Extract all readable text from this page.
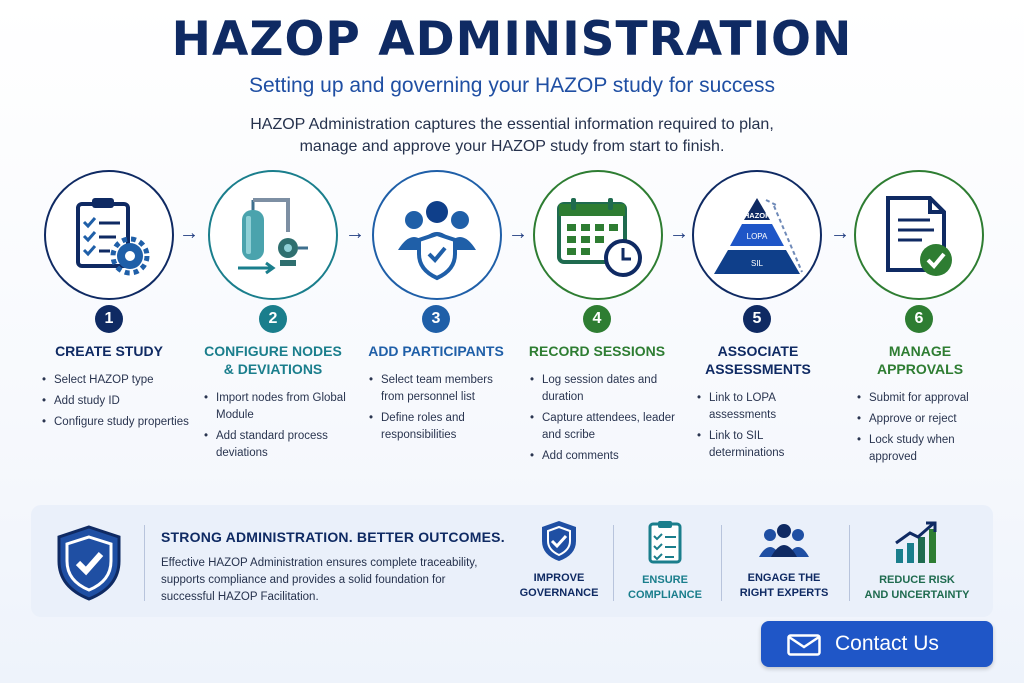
HAZOP ADMINISTRATION
Setting up and governing your HAZOP study for success
HAZOP Administration captures the essential information required to plan,
manage and approve your HAZOP study from start to finish.
1
CREATE STUDY
• Select HAZOP type
• Add study ID
• Configure study properties
→
2
CONFIGURE NODES
& DEVIATIONS
• Import nodes from Global Module
• Add standard process deviations
→
3
ADD PARTICIPANTS
• Select team members from personnel list
• Define roles and responsibilities
→
4
RECORD SESSIONS
• Log session dates and duration
• Capture attendees, leader and scribe
• Add comments
→
HAZOP
LOPA
SIL
5
ASSOCIATE
ASSESSMENTS
• Link to LOPA assessments
• Link to SIL determinations
→
6
MANAGE
APPROVALS
• Submit for approval
• Approve or reject
• Lock study when approved
STRONG ADMINISTRATION. BETTER OUTCOMES.
Effective HAZOP Administration ensures complete traceability, supports compliance and provides a solid foundation for successful HAZOP Facilitation.
IMPROVE
GOVERNANCE
ENSURE
COMPLIANCE
ENGAGE THE
RIGHT EXPERTS
REDUCE RISK
AND UNCERTAINTY
Contact Us
